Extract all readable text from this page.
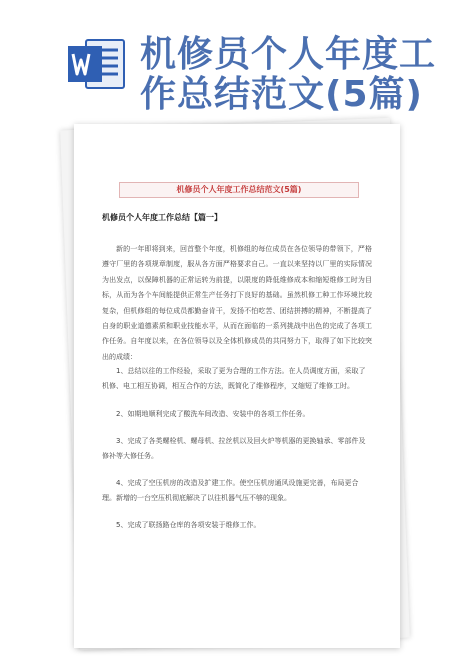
机修员个人年度工
作总结范文(5篇)
机修员个人年度工作总结范文(5篇)
机修员个人年度工作总结【篇一】

新的一年即将到来，回首整个年度，机修组的每位成员在各位领导的带领下，严格遵守厂里的各项规章制度，服从各方面严格要求自己。一直以来坚持以厂里的实际情况为出发点，以保障机器的正常运转为前提，以限度的降低维修成本和缩短维修工时为目标，从而为各个车间能提供正常生产任务打下良好的基础。虽然机修工种工作环境比较复杂，但机修组的每位成员都勤奋肯干，发扬不怕吃苦、团结拼搏的精神，不断提高了自身的职业道德素质和职业技能水平，从而在面临的一系列挑战中出色的完成了各项工作任务。自年度以来，在各位领导以及全体机修成员的共同努力下，取得了如下比较突出的成绩：

1、总结以往的工作经验，采取了更为合理的工作方法。在人员调度方面，采取了机修、电工相互协调，相互合作的方法，既简化了维修程序，又缩短了维修工时。

2、如期地顺利完成了酸洗车间改造、安装中的各项工作任务。

3、完成了各类螺栓机、螺母机、拉丝机以及回火炉等机器的更换轴承、零部件及修补等大修任务。

4、完成了空压机房的改造及扩建工作。使空压机房通风设施更完善，布局更合理。新增的一台空压机彻底解决了以往机器气压不够的现象。

5、完成了联扬路仓库的各项安装于维修工作。
